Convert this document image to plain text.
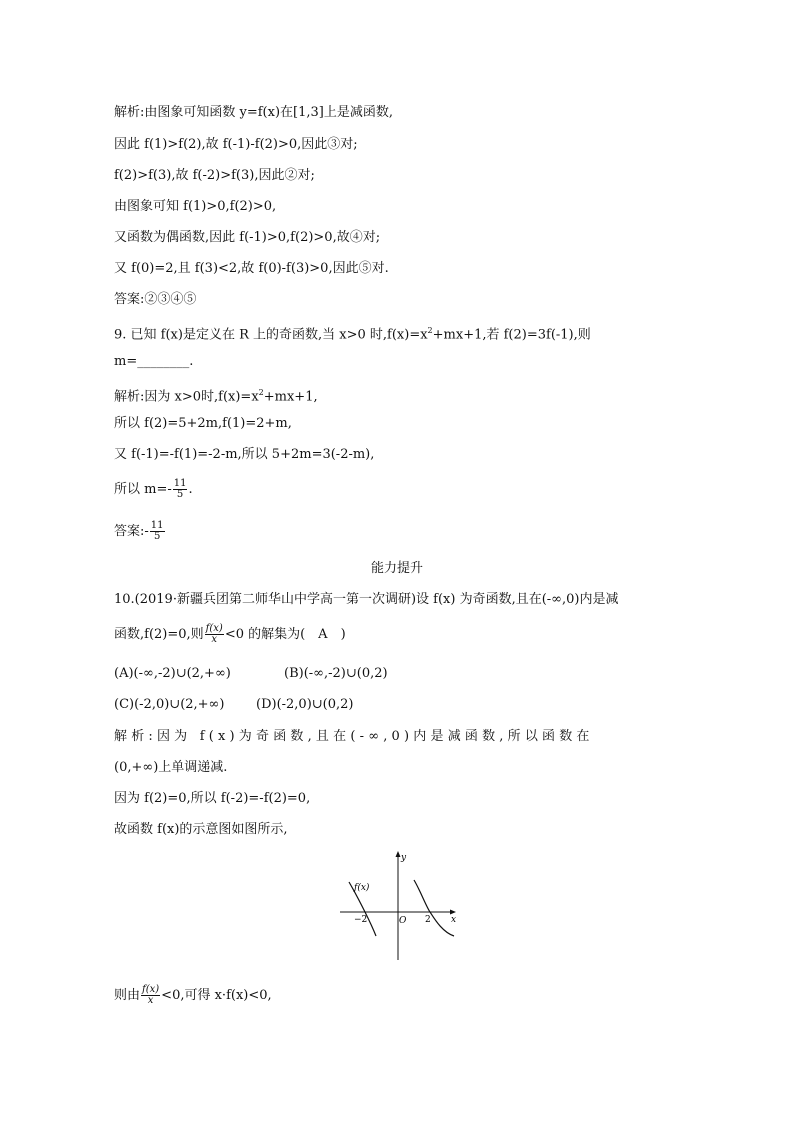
解析:由图象可知函数 y=f(x)在[1,3]上是减函数,
因此 f(1)>f(2),故 f(-1)-f(2)>0,因此③对;
f(2)>f(3),故 f(-2)>f(3),因此②对;
由图象可知 f(1)>0,f(2)>0,
又函数为偶函数,因此 f(-1)>0,f(2)>0,故④对;
又 f(0)=2,且 f(3)<2,故 f(0)-f(3)>0,因此⑤对.
答案:②③④⑤
9. 已知 f(x)是定义在 R 上的奇函数,当 x>0 时$,f(x)=x^2+mx+1$,若 f(2)=3f(-1),则
m=________.
解析:因为 x>0时$,f(x)=x^2+mx+1$,
所以 f(2)=5+2m,f(1)=2+m,
又 f(-1)=-f(1)=-2-m,所以 5+2m=3(-2-m),
所以 $m=- \frac{11}{5}$ .
答案:- $\frac{11}{5}$
能力提升
10.(2019·新疆兵团第二师华山中学高一第一次调研)设 f(x) 为奇函数,且在(-∞,0)内是减
函数,f(2)=0,则 $\frac{f(x)}{x} <0$ 的解集为(　A　)
(A)(-∞,-2)∪(2,+∞)	(B)(-∞,-2)∪(0,2)
(C)(-2,0)∪(2,+∞) (D)(-2,0)∪(0,2)
解析:因为 f(x)为奇函数,且在(-∞,0)内是减函数,所以函数在
(0,+∞)上单调递减.
因为 f(2)=0,所以 f(-2)=-f(2)=0,
故函数 f(x)的示意图如图所示,
f(x)
y
x
O
−2	2
则由 $\frac{f(x)}{x} <0$,可得 x·f(x)<0,
